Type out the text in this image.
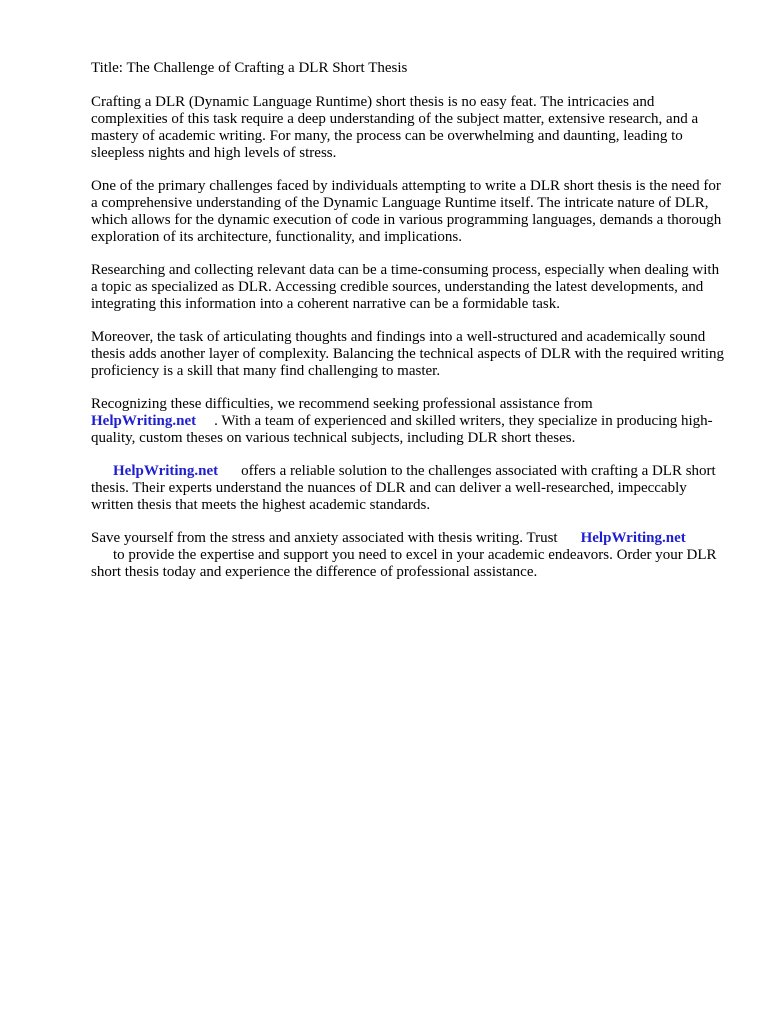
Title: The Challenge of Crafting a DLR Short Thesis

Crafting a DLR (Dynamic Language Runtime) short thesis is no easy feat. The intricacies and complexities of this task require a deep understanding of the subject matter, extensive research, and a mastery of academic writing. For many, the process can be overwhelming and daunting, leading to sleepless nights and high levels of stress.

One of the primary challenges faced by individuals attempting to write a DLR short thesis is the need for a comprehensive understanding of the Dynamic Language Runtime itself. The intricate nature of DLR, which allows for the dynamic execution of code in various programming languages, demands a thorough exploration of its architecture, functionality, and implications.

Researching and collecting relevant data can be a time-consuming process, especially when dealing with a topic as specialized as DLR. Accessing credible sources, understanding the latest developments, and integrating this information into a coherent narrative can be a formidable task.

Moreover, the task of articulating thoughts and findings into a well-structured and academically sound thesis adds another layer of complexity. Balancing the technical aspects of DLR with the required writing proficiency is a skill that many find challenging to master.

Recognizing these difficulties, we recommend seeking professional assistance from
HelpWriting.net . With a team of experienced and skilled writers, they specialize in producing high-quality, custom theses on various technical subjects, including DLR short theses.

HelpWriting.net offers a reliable solution to the challenges associated with crafting a DLR short thesis. Their experts understand the nuances of DLR and can deliver a well-researched, impeccably written thesis that meets the highest academic standards.

Save yourself from the stress and anxiety associated with thesis writing. Trust HelpWriting.net
to provide the expertise and support you need to excel in your academic endeavors. Order your DLR short thesis today and experience the difference of professional assistance.
